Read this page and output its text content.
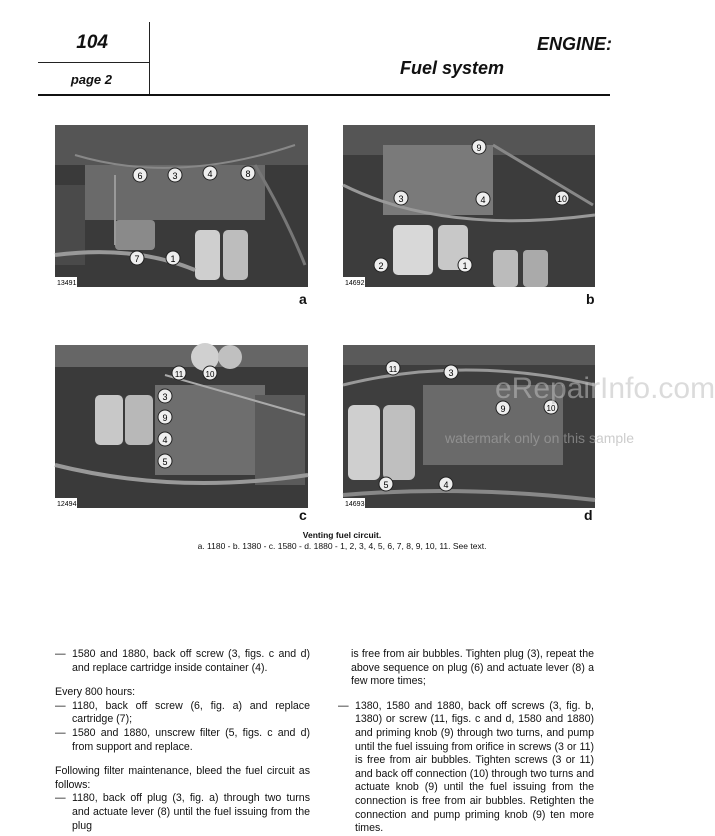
104
page 2
ENGINE:
Fuel system
6	3	4	8
7	1
13491
a
9
3	4	10
2	1
14692
b
11	10
3
9
4
5
12494
c
11	3
10
9
5	4
14693
d
eRepairInfo.com
watermark only on this sample
Venting fuel circuit.
a. 1180 - b. 1380 - c. 1580 - d. 1880 - 1, 2, 3, 4, 5, 6, 7, 8, 9, 10, 11. See text.
— 1580 and 1880, back off screw (3, figs. c and d) and replace cartridge inside container (4).

Every 800 hours:

— 1180, back off screw (6, fig. a) and replace cartridge (7);
— 1580 and 1880, unscrew filter (5, figs. c and d) from support and replace.

Following filter maintenance, bleed the fuel circuit as follows:

— 1180, back off plug (3, fig. a) through two turns and actuate lever (8) until the fuel issuing from the plug

is free from air bubbles. Tighten plug (3), repeat the above sequence on plug (6) and actuate lever (8) a few more times;

— 1380, 1580 and 1880, back off screws (3, fig. b, 1380) or screw (11, figs. c and d, 1580 and 1880) and priming knob (9) through two turns, and pump until the fuel issuing from orifice in screws (3 or 11) is free from air bubbles. Tighten screws (3 or 11) and back off connection (10) through two turns and actuate knob (9) until the fuel issuing from the connection is free from air bubbles. Retighten the connection and pump priming knob (9) ten more times.
